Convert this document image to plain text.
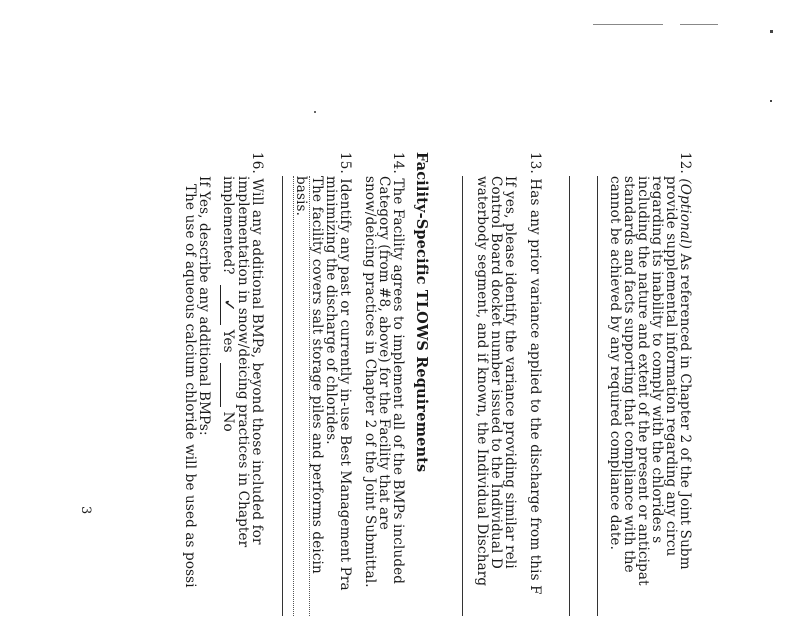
12. (Optional) As referenced in Chapter 2 of the Joint Subm
provide supplemental information regarding any circu
regarding its inability to comply with the chlorides s
including the nature and extent of the present or anticipat
standards and facts supporting that compliance with the
cannot be achieved by any required compliance date.
13. Has any prior variance applied to the discharge from this F
If yes, please identify the variance providing similar reli
Control Board docket number issued to the Individual D
waterbody segment, and if known, the Individual Discharg
Facility-Specific TLOWS Requirements
14. The Facility agrees to implement all of the BMPs included
Category (from #8, above) for the Facility that are
snow/deicing practices in Chapter 2 of the Joint Submittal.
15. Identify any past or currently in-use Best Management Pra
minimizing the discharge of chlorides.
The facility covers salt storage piles and performs deicin
basis.
16. Will any additional BMPs, beyond those included for
implementation in snow/deicing practices in Chapter
implemented? ✓ Yes   No
If Yes, describe any additional BMPs:
The use of aqueous calcium chloride will be used as possi
3
